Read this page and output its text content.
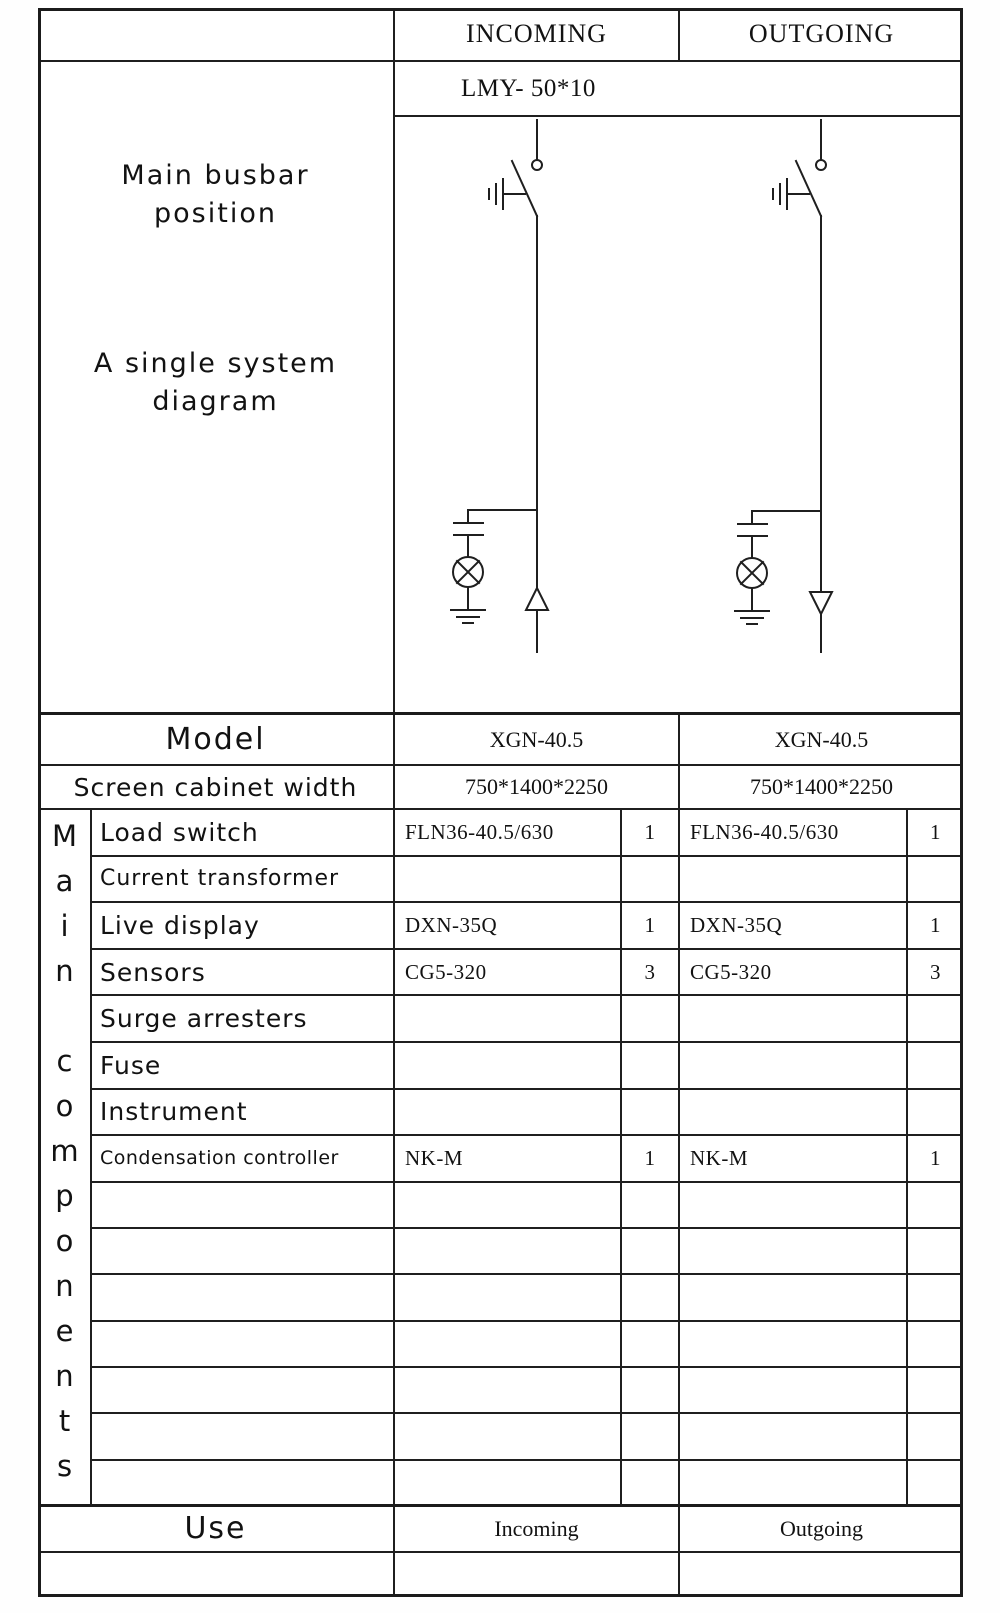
INCOMING	OUTGOING
Main busbar position
A single system diagram
LMY- 50*10
Model	XGN-40.5	XGN-40.5
Screen cabinet width	750*1400*2250	750*1400*2250
Main components Load switch	FLN36-40.5/630	1	FLN36-40.5/630	1
Current transformer
Live display	DXN-35Q	1	DXN-35Q	1
Sensors	CG5-320	3	CG5-320	3
Surge arresters
Fuse
Instrument
Condensation controller	NK-M	1	NK-M	1
Use	Incoming	Outgoing
